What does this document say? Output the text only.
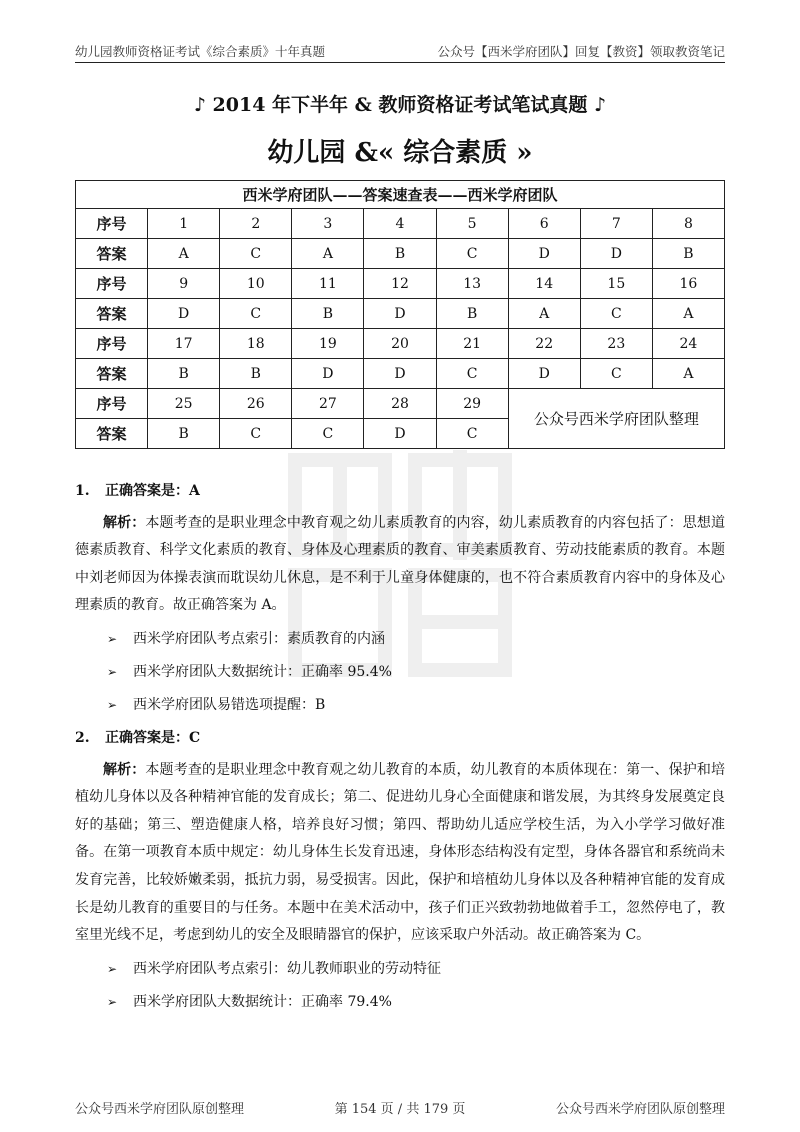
幼儿园教师资格证考试《综合素质》十年真题	公众号【西米学府团队】回复【教资】领取教资笔记
♪ 2014 年下半年 & 教师资格证考试笔试真题 ♪
幼儿园 &« 综合素质 »
西米学府团队——答案速查表——西米学府团队								
序号	1	2	3	4	5	6	7	8
答案	A	C	A	B	C	D	D	B
序号	9	10	11	12	13	14	15	16
答案	D	C	B	D	B	A	C	A
序号	17	18	19	20	21	22	23	24
答案	B	B	D	D	C	D	C	A
序号	25	26	27	28	29	公众号西米学府团队整理		
答案	B	C	C	D	C			

1. 正确答案是：A

解析：本题考查的是职业理念中教育观之幼儿素质教育的内容，幼儿素质教育的内容包括了：思想道德素质教育、科学文化素质的教育、身体及心理素质的教育、审美素质教育、劳动技能素质的教育。本题中刘老师因为体操表演而耽误幼儿休息，是不利于儿童身体健康的，也不符合素质教育内容中的身体及心理素质的教育。故正确答案为 A。

➢	西米学府团队考点索引：素质教育的内涵
➢	西米学府团队大数据统计：正确率 95.4%
➢	西米学府团队易错选项提醒：B

2. 正确答案是：C

解析：本题考查的是职业理念中教育观之幼儿教育的本质，幼儿教育的本质体现在：第一、保护和培植幼儿身体以及各种精神官能的发育成长；第二、促进幼儿身心全面健康和谐发展，为其终身发展奠定良好的基础；第三、塑造健康人格，培养良好习惯；第四、帮助幼儿适应学校生活，为入小学学习做好准备。在第一项教育本质中规定：幼儿身体生长发育迅速，身体形态结构没有定型，身体各器官和系统尚未发育完善，比较娇嫩柔弱，抵抗力弱，易受损害。因此，保护和培植幼儿身体以及各种精神官能的发育成长是幼儿教育的重要目的与任务。本题中在美术活动中，孩子们正兴致勃勃地做着手工，忽然停电了，教室里光线不足，考虑到幼儿的安全及眼睛器官的保护，应该采取户外活动。故正确答案为 C。

➢	西米学府团队考点索引：幼儿教师职业的劳动特征
➢	西米学府团队大数据统计：正确率 79.4%
公众号西米学府团队原创整理	第 154 页 / 共 179 页	公众号西米学府团队原创整理
